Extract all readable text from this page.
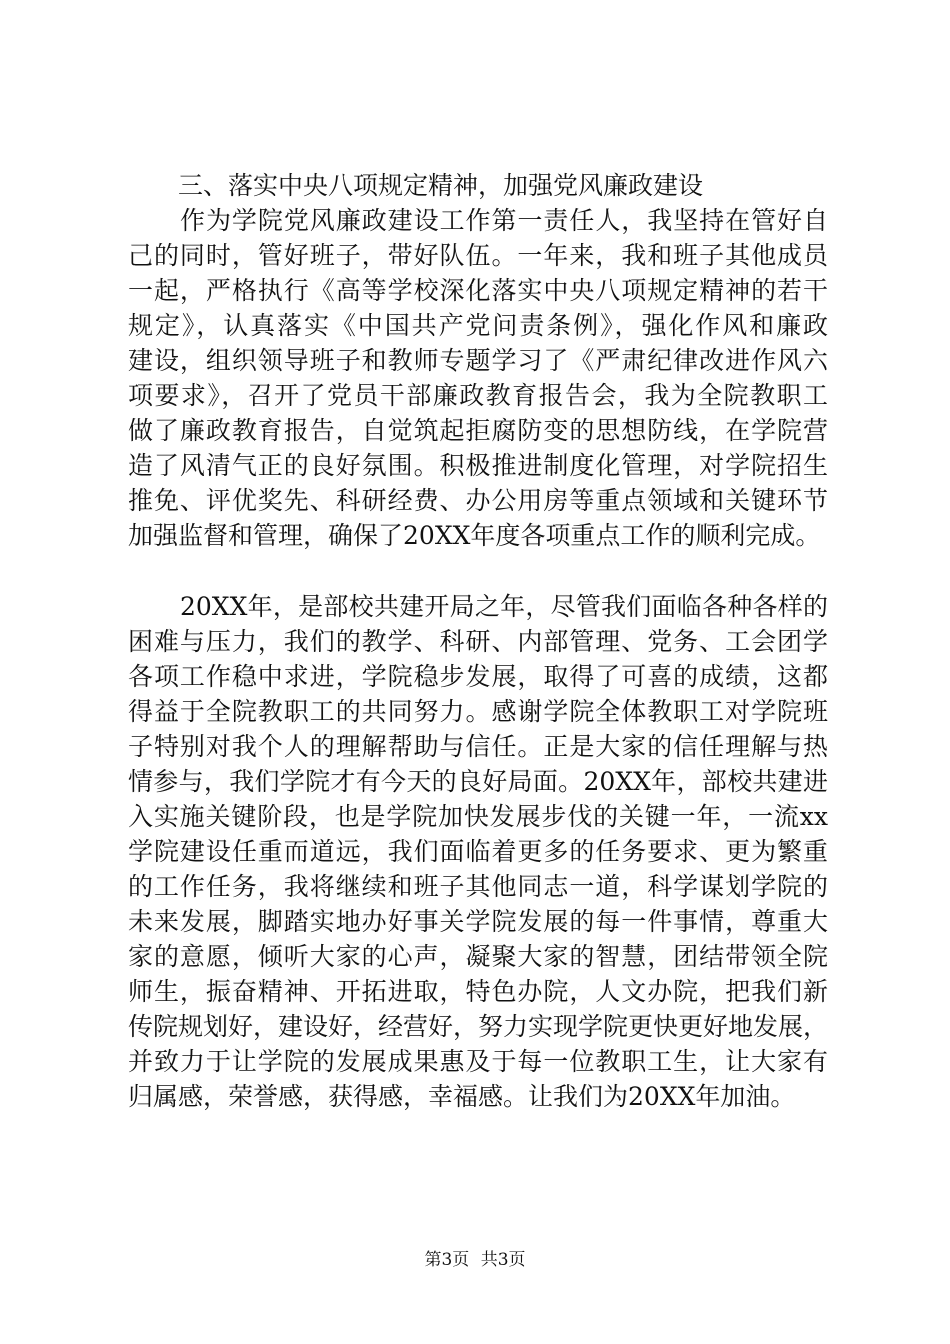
三、落实中央八项规定精神，加强党风廉政建设
作为学院党风廉政建设工作第一责任人，我坚持在管好自
己的同时，管好班子，带好队伍。一年来，我和班子其他成员
一起，严格执行《高等学校深化落实中央八项规定精神的若干
规定》，认真落实《中国共产党问责条例》，强化作风和廉政
建设，组织领导班子和教师专题学习了《严肃纪律改进作风六
项要求》，召开了党员干部廉政教育报告会，我为全院教职工
做了廉政教育报告，自觉筑起拒腐防变的思想防线，在学院营
造了风清气正的良好氛围。积极推进制度化管理，对学院招生
推免、评优奖先、科研经费、办公用房等重点领域和关键环节
加强监督和管理，确保了20XX年度各项重点工作的顺利完成。
20XX年，是部校共建开局之年，尽管我们面临各种各样的
困难与压力，我们的教学、科研、内部管理、党务、工会团学
各项工作稳中求进，学院稳步发展，取得了可喜的成绩，这都
得益于全院教职工的共同努力。感谢学院全体教职工对学院班
子特别对我个人的理解帮助与信任。正是大家的信任理解与热
情参与，我们学院才有今天的良好局面。20XX年，部校共建进
入实施关键阶段，也是学院加快发展步伐的关键一年，一流xx
学院建设任重而道远，我们面临着更多的任务要求、更为繁重
的工作任务，我将继续和班子其他同志一道，科学谋划学院的
未来发展，脚踏实地办好事关学院发展的每一件事情，尊重大
家的意愿，倾听大家的心声，凝聚大家的智慧，团结带领全院
师生，振奋精神、开拓进取，特色办院，人文办院，把我们新
传院规划好，建设好，经营好，努力实现学院更快更好地发展，
并致力于让学院的发展成果惠及于每一位教职工生，让大家有
归属感，荣誉感，获得感，幸福感。让我们为20XX年加油。
第3页 共3页
